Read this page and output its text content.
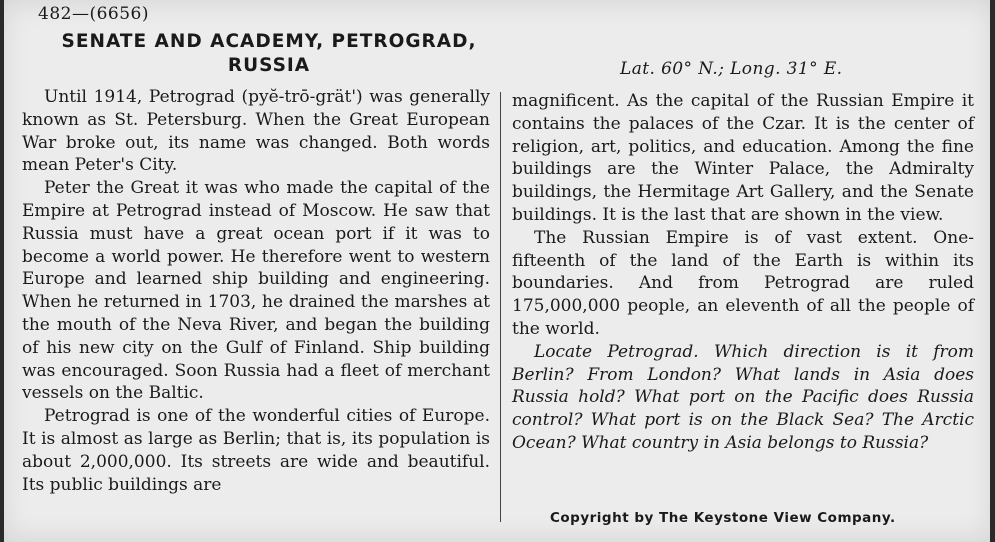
482—(6656)
SENATE AND ACADEMY, PETROGRAD,
RUSSIA	Lat. 60° N.; Long. 31° E.

Until 1914, Petrograd (pyĕ-trō-grät') was generally known as St. Petersburg. When the Great European War broke out, its name was changed. Both words mean Peter's City.

Peter the Great it was who made the capital of the Empire at Petrograd instead of Moscow. He saw that Russia must have a great ocean port if it was to become a world power. He therefore went to western Europe and learned ship building and engineering. When he returned in 1703, he drained the marshes at the mouth of the Neva River, and began the building of his new city on the Gulf of Finland. Ship building was encouraged. Soon Russia had a fleet of merchant vessels on the Baltic.

Petrograd is one of the wonderful cities of Europe. It is almost as large as Berlin; that is, its population is about 2,000,000. Its streets are wide and beautiful. Its public buildings are

magnificent. As the capital of the Russian Empire it contains the palaces of the Czar. It is the center of religion, art, politics, and education. Among the fine buildings are the Winter Palace, the Admiralty buildings, the Hermitage Art Gallery, and the Senate buildings. It is the last that are shown in the view.

The Russian Empire is of vast extent. One-fifteenth of the land of the Earth is within its boundaries. And from Petrograd are ruled 175,000,000 people, an eleventh of all the people of the world.

Locate Petrograd. Which direction is it from Berlin? From London? What lands in Asia does Russia hold? What port on the Pacific does Russia control? What port is on the Black Sea? The Arctic Ocean? What country in Asia belongs to Russia?

Copyright by The Keystone View Company.
